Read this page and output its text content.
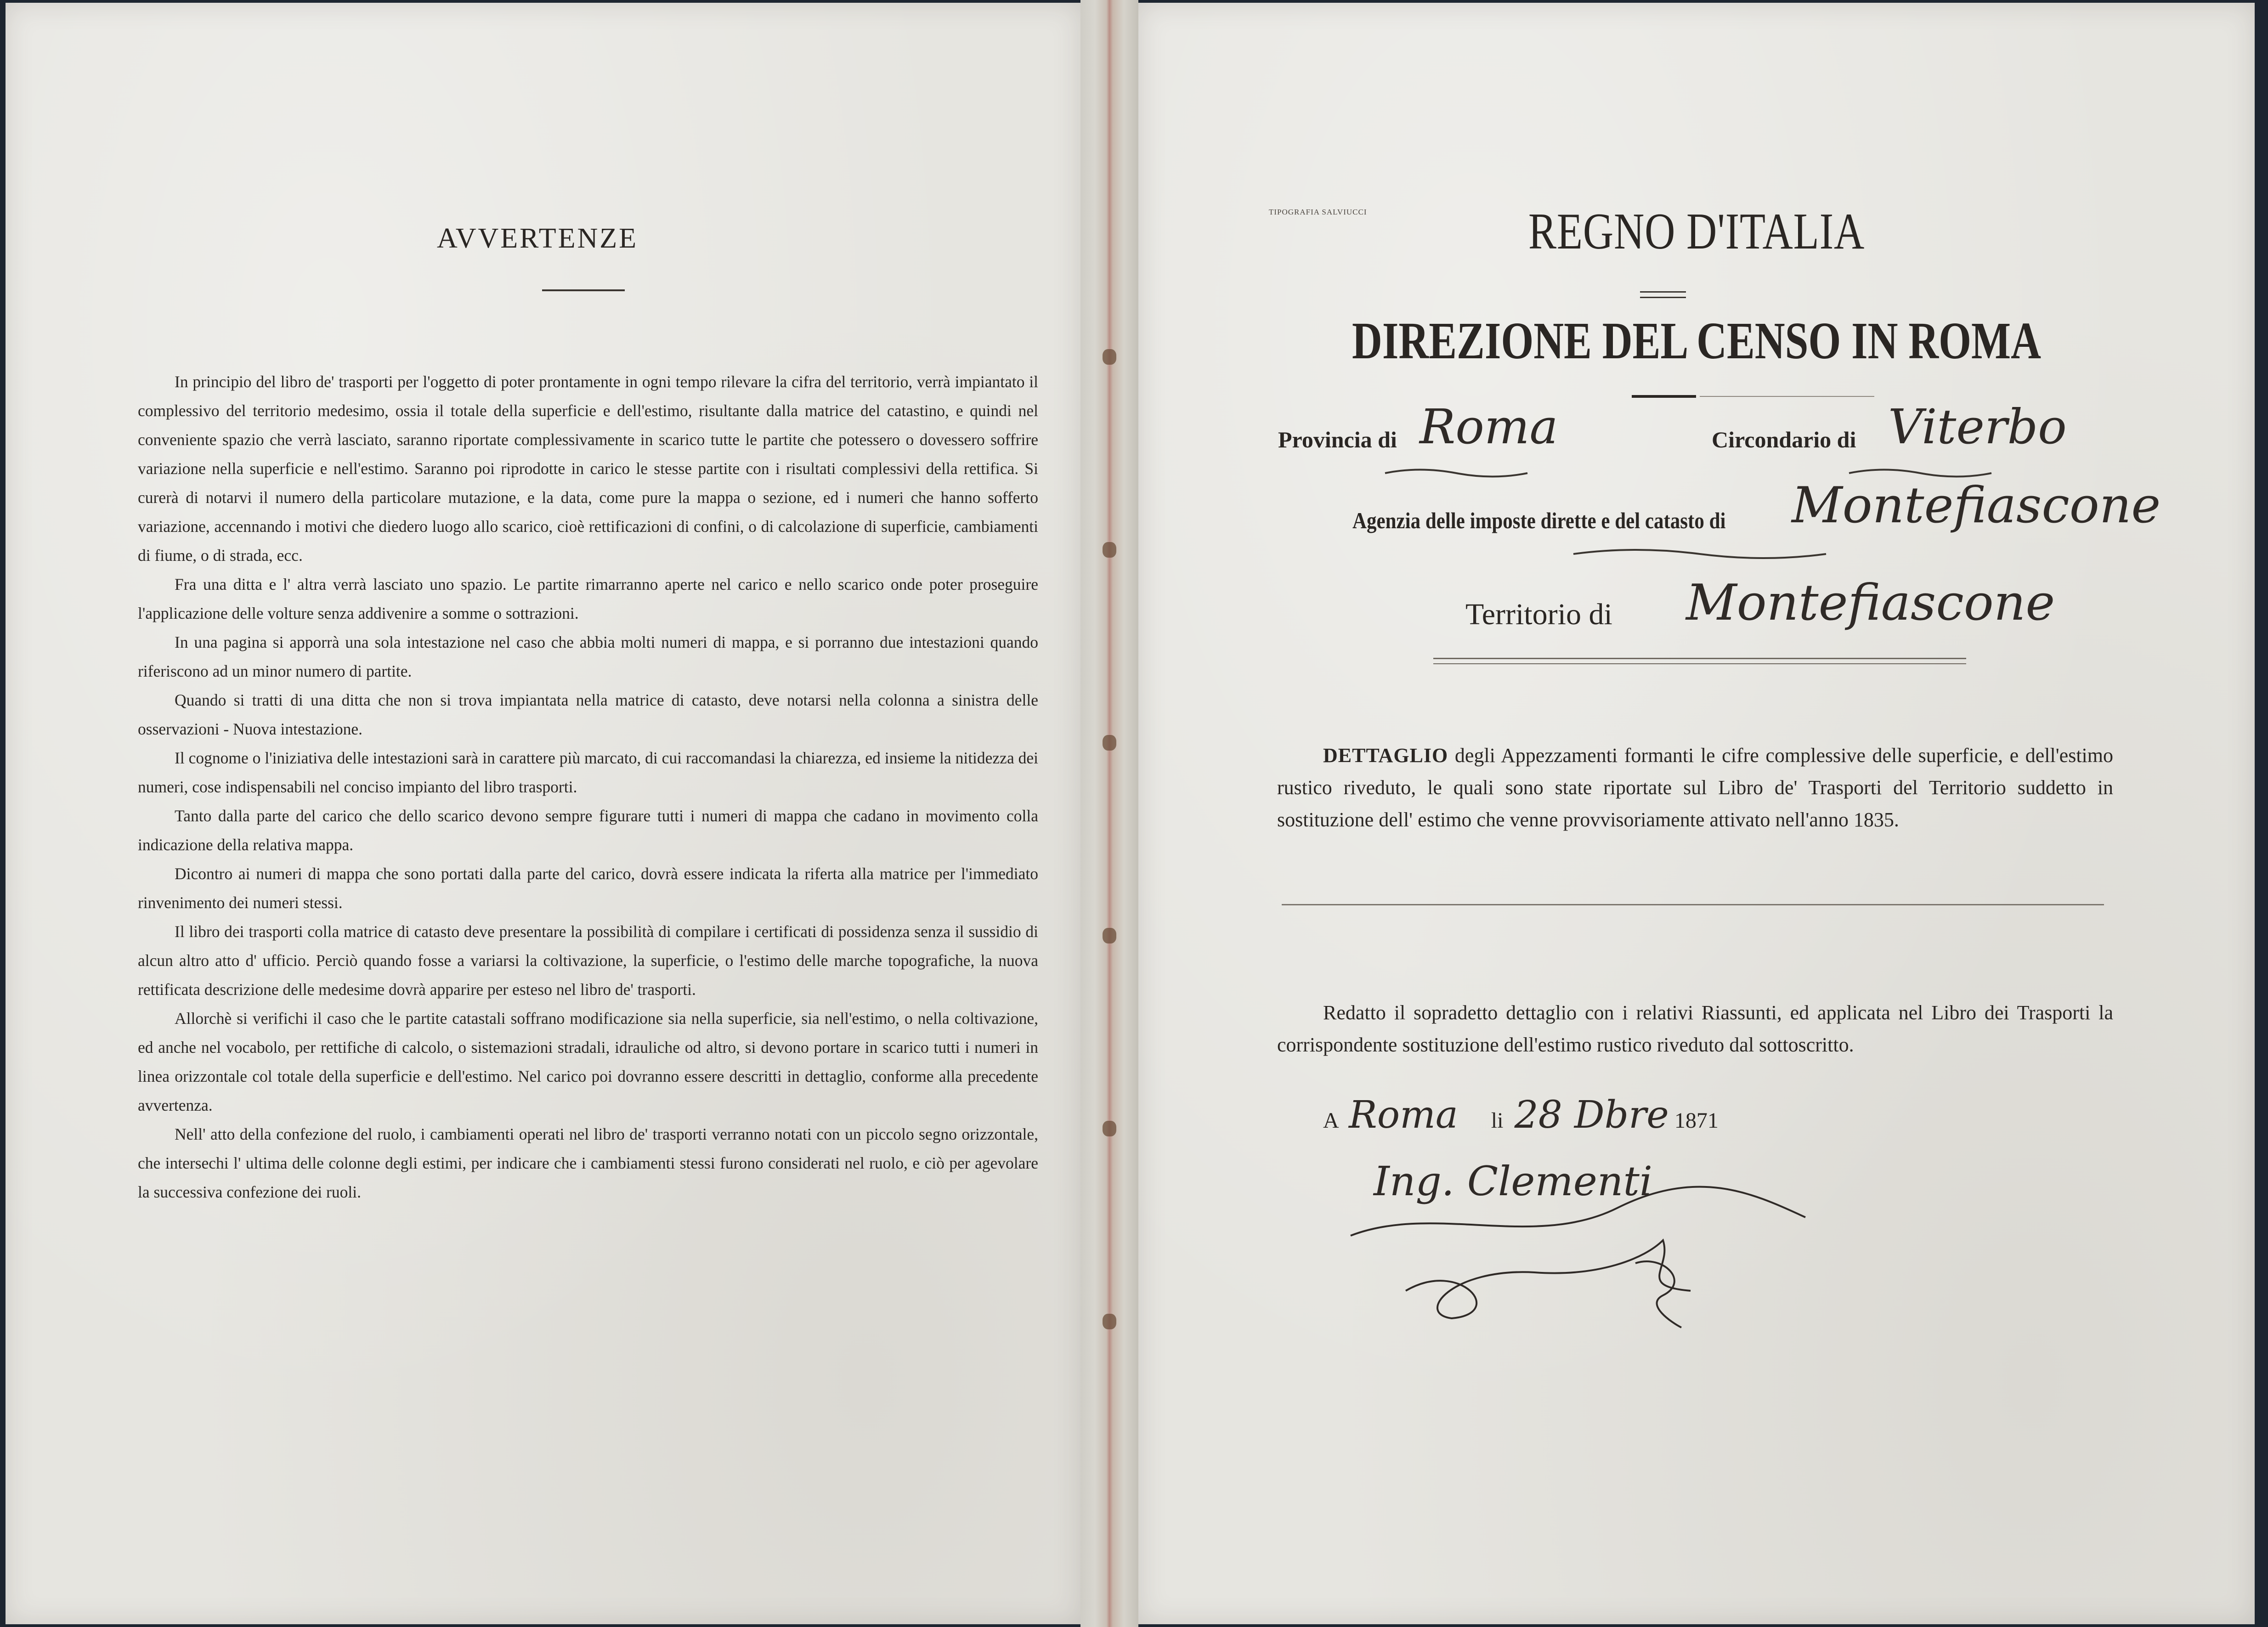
AVVERTENZE

In principio del libro de' trasporti per l'oggetto di poter prontamente in ogni tempo rilevare la cifra del territorio, verrà impiantato il complessivo del territorio medesimo, ossia il totale della superficie e dell'estimo, risultante dalla matrice del catastino, e quindi nel conveniente spazio che verrà lasciato, saranno riportate complessivamente in scarico tutte le partite che potessero o dovessero soffrire variazione nella superficie e nell'estimo. Saranno poi riprodotte in carico le stesse partite con i risultati complessivi della rettifica. Si curerà di notarvi il numero della particolare mutazione, e la data, come pure la mappa o sezione, ed i numeri che hanno sofferto variazione, accennando i motivi che diedero luogo allo scarico, cioè rettificazioni di confini, o di calcolazione di superficie, cambiamenti di fiume, o di strada, ecc.

Fra una ditta e l' altra verrà lasciato uno spazio. Le partite rimarranno aperte nel carico e nello scarico onde poter proseguire l'applicazione delle volture senza addivenire a somme o sottrazioni.

In una pagina si apporrà una sola intestazione nel caso che abbia molti numeri di mappa, e si porranno due intestazioni quando riferiscono ad un minor numero di partite.

Quando si tratti di una ditta che non si trova impiantata nella matrice di catasto, deve notarsi nella colonna a sinistra delle osservazioni - Nuova intestazione.

Il cognome o l'iniziativa delle intestazioni sarà in carattere più marcato, di cui raccomandasi la chiarezza, ed insieme la nitidezza dei numeri, cose indispensabili nel conciso impianto del libro trasporti.

Tanto dalla parte del carico che dello scarico devono sempre figurare tutti i numeri di mappa che cadano in movimento colla indicazione della relativa mappa.

Dicontro ai numeri di mappa che sono portati dalla parte del carico, dovrà essere indicata la riferta alla matrice per l'immediato rinvenimento dei numeri stessi.

Il libro dei trasporti colla matrice di catasto deve presentare la possibilità di compilare i certificati di possidenza senza il sussidio di alcun altro atto d' ufficio. Perciò quando fosse a variarsi la coltivazione, la superficie, o l'estimo delle marche topografiche, la nuova rettificata descrizione delle medesime dovrà apparire per esteso nel libro de' trasporti.

Allorchè si verifichi il caso che le partite catastali soffrano modificazione sia nella superficie, sia nell'estimo, o nella coltivazione, ed anche nel vocabolo, per rettifiche di calcolo, o sistemazioni stradali, idrauliche od altro, si devono portare in scarico tutti i numeri in linea orizzontale col totale della superficie e dell'estimo. Nel carico poi dovranno essere descritti in dettaglio, conforme alla precedente avvertenza.

Nell' atto della confezione del ruolo, i cambiamenti operati nel libro de' trasporti verranno notati con un piccolo segno orizzontale, che intersechi l' ultima delle colonne degli estimi, per indicare che i cambiamenti stessi furono considerati nel ruolo, e ciò per agevolare la successiva confezione dei ruoli.

TIPOGRAFIA SALVIUCCI	REGNO D'ITALIA
DIREZIONE DEL CENSO IN ROMA
Provincia di Roma	Circondario di Viterbo
Agenzia delle imposte dirette e del catasto di Montefiascone
Territorio di Montefiascone

DETTAGLIO degli Appezzamenti formanti le cifre complessive delle superficie, e dell'estimo rustico riveduto, le quali sono state riportate sul Libro de' Trasporti del Territorio suddetto in sostituzione dell' estimo che venne provvisoriamente attivato nell'anno 1835.

Redatto il sopradetto dettaglio con i relativi Riassunti, ed applicata nel Libro dei Trasporti la corrispondente sostituzione dell'estimo rustico riveduto dal sottoscritto.

A Roma li 28 Dbre 1871
Ing. Clementi
